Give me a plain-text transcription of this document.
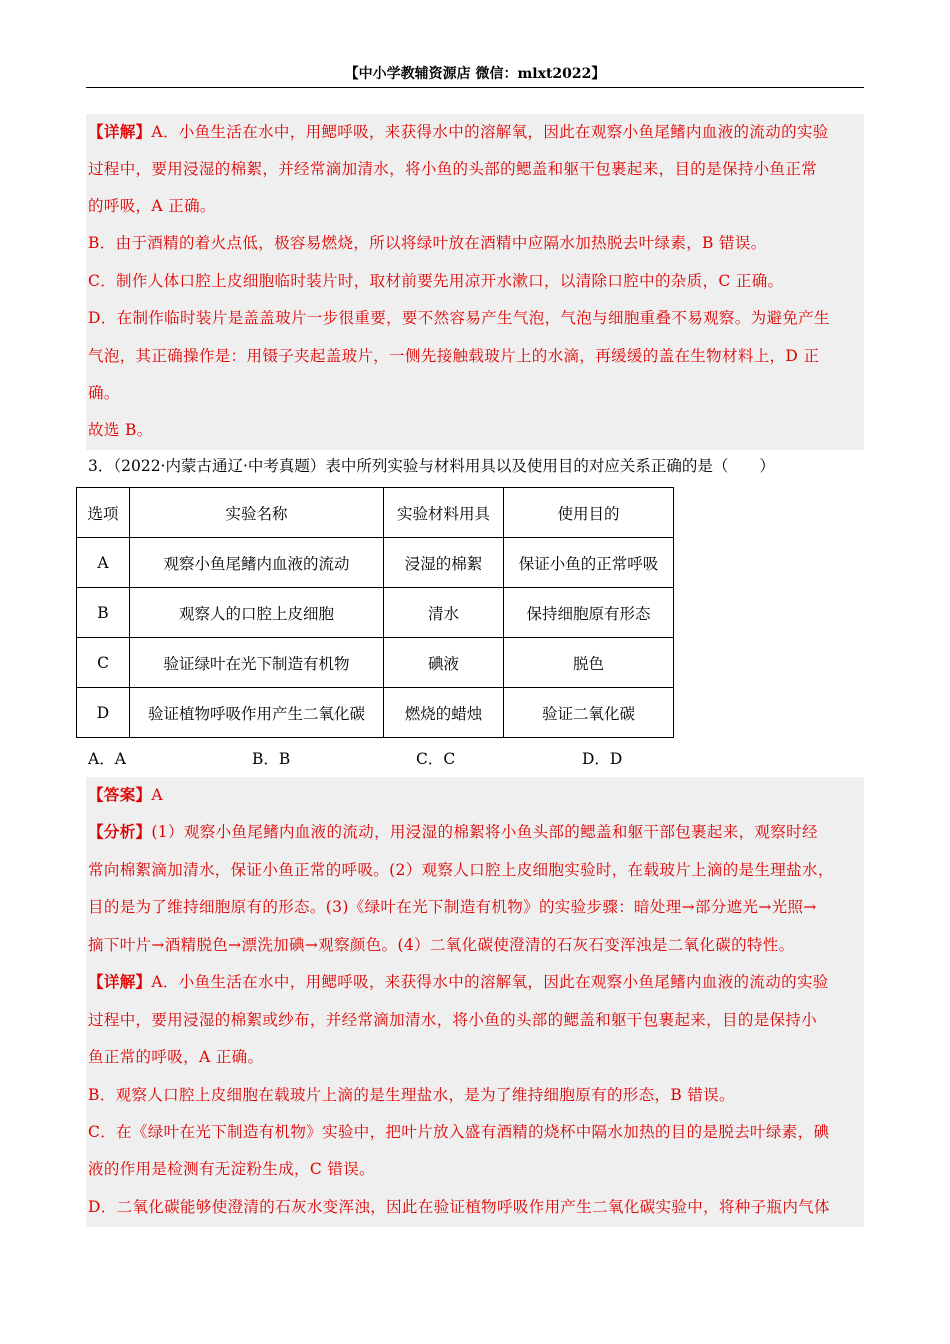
【中小学教辅资源店 微信：mlxt2022】
【详解】A．小鱼生活在水中，用鳃呼吸，来获得水中的溶解氧，因此在观察小鱼尾鳍内血液的流动的实验
过程中，要用浸湿的棉絮，并经常滴加清水，将小鱼的头部的鳃盖和躯干包裹起来，目的是保持小鱼正常
的呼吸，A 正确。
B．由于酒精的着火点低，极容易燃烧，所以将绿叶放在酒精中应隔水加热脱去叶绿素，B 错误。
C．制作人体口腔上皮细胞临时装片时，取材前要先用凉开水漱口，以清除口腔中的杂质，C 正确。
D．在制作临时装片是盖盖玻片一步很重要，要不然容易产生气泡，气泡与细胞重叠不易观察。为避免产生
气泡，其正确操作是：用镊子夹起盖玻片，一侧先接触载玻片上的水滴，再缓缓的盖在生物材料上，D 正
确。
故选 B。
3．（2022·内蒙古通辽·中考真题）表中所列实验与材料用具以及使用目的对应关系正确的是（　　）
选项	实验名称	实验材料用具	使用目的
A	观察小鱼尾鳍内血液的流动	浸湿的棉絮	保证小鱼的正常呼吸
B	观察人的口腔上皮细胞	清水	保持细胞原有形态
C	验证绿叶在光下制造有机物	碘液	脱色
D	验证植物呼吸作用产生二氧化碳	燃烧的蜡烛	验证二氧化碳
A．A	B．B	C．C	D．D
【答案】A
【分析】(1）观察小鱼尾鳍内血液的流动，用浸湿的棉絮将小鱼头部的鳃盖和躯干部包裹起来，观察时经
常向棉絮滴加清水，保证小鱼正常的呼吸。(2）观察人口腔上皮细胞实验时，在载玻片上滴的是生理盐水，
目的是为了维持细胞原有的形态。(3)《绿叶在光下制造有机物》的实验步骤：暗处理→部分遮光→光照→
摘下叶片→酒精脱色→漂洗加碘→观察颜色。(4）二氧化碳使澄清的石灰石变浑浊是二氧化碳的特性。
【详解】A．小鱼生活在水中，用鳃呼吸，来获得水中的溶解氧，因此在观察小鱼尾鳍内血液的流动的实验
过程中，要用浸湿的棉絮或纱布，并经常滴加清水，将小鱼的头部的鳃盖和躯干包裹起来，目的是保持小
鱼正常的呼吸，A 正确。
B．观察人口腔上皮细胞在载玻片上滴的是生理盐水，是为了维持细胞原有的形态，B 错误。
C．在《绿叶在光下制造有机物》实验中，把叶片放入盛有酒精的烧杯中隔水加热的目的是脱去叶绿素，碘
液的作用是检测有无淀粉生成，C 错误。
D．二氧化碳能够使澄清的石灰水变浑浊，因此在验证植物呼吸作用产生二氧化碳实验中，将种子瓶内气体
